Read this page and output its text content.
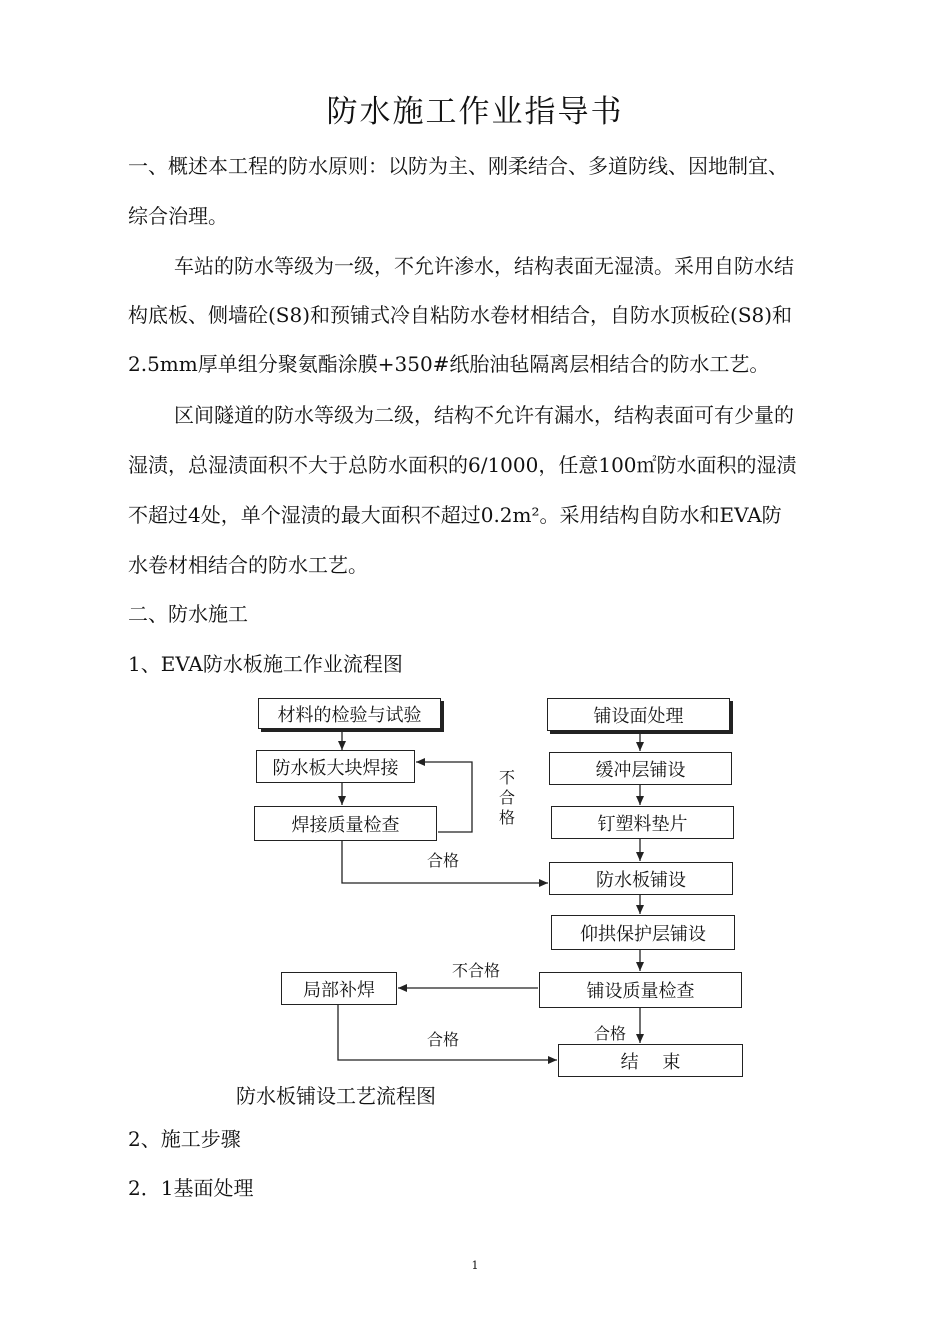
防水施工作业指导书
一、概述本工程的防水原则：以防为主、刚柔结合、多道防线、因地制宜、
综合治理。
车站的防水等级为一级，不允许渗水，结构表面无湿渍。采用自防水结
构底板、侧墙砼(S8)和预铺式冷自粘防水卷材相结合，自防水顶板砼(S8)和
2.5mm厚单组分聚氨酯涂膜+350#纸胎油毡隔离层相结合的防水工艺。
区间隧道的防水等级为二级，结构不允许有漏水，结构表面可有少量的
湿渍，总湿渍面积不大于总防水面积的6/1000，任意100㎡防水面积的湿渍
不超过4处，单个湿渍的最大面积不超过0.2m²。采用结构自防水和EVA防
水卷材相结合的防水工艺。
二、防水施工
1、EVA防水板施工作业流程图
材料的检验与试验
防水板大块焊接
焊接质量检查
铺设面处理
缓冲层铺设
钉塑料垫片
防水板铺设
仰拱保护层铺设
铺设质量检查
局部补焊
结　 束
不合格
合格
不合格
合格
合格
防水板铺设工艺流程图
2、施工步骤
2．1基面处理
1
